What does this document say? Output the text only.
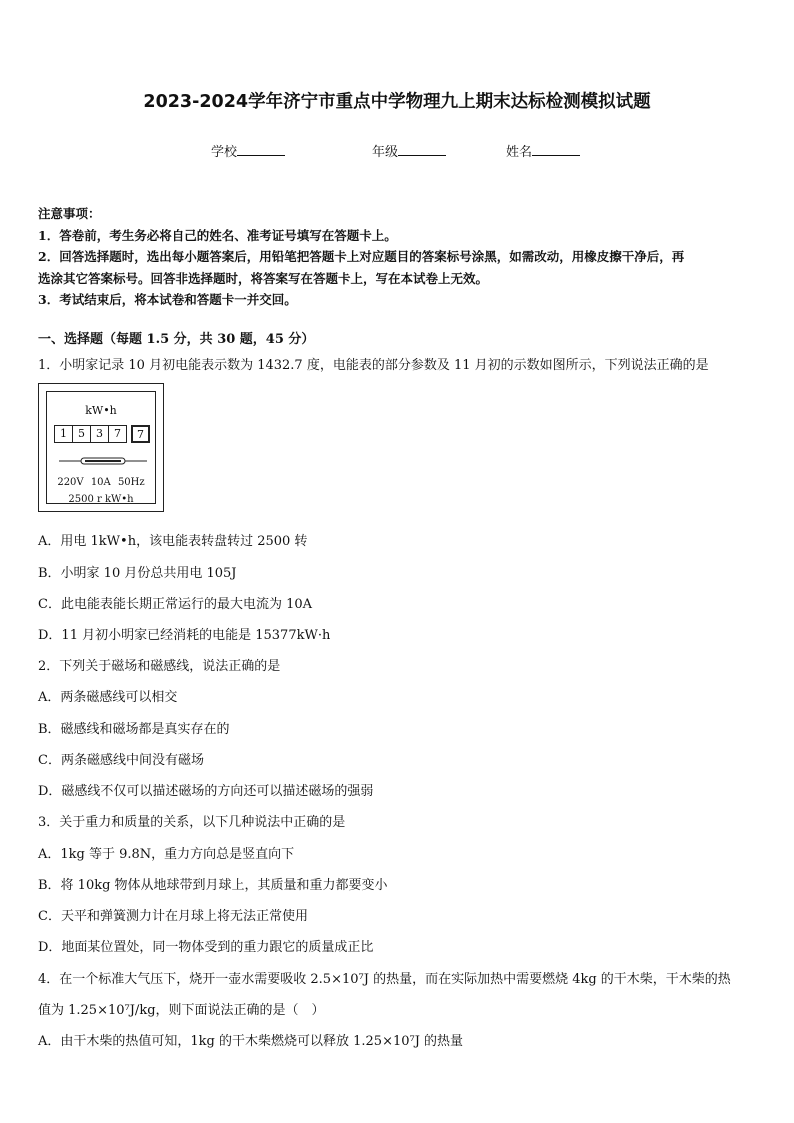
2023-2024学年济宁市重点中学物理九上期末达标检测模拟试题
学校	年级	姓名
注意事项：
1．答卷前，考生务必将自己的姓名、准考证号填写在答题卡上。
2．回答选择题时，选出每小题答案后，用铅笔把答题卡上对应题目的答案标号涂黑，如需改动，用橡皮擦干净后，再
选涂其它答案标号。回答非选择题时，将答案写在答题卡上，写在本试卷上无效。
3．考试结束后，将本试卷和答题卡一并交回。
一、选择题（每题 1.5 分，共 30 题，45 分）
1．小明家记录 10 月初电能表示数为 1432.7 度，电能表的部分参数及 11 月初的示数如图所示，下列说法正确的是
kW•h
1	5	3	7	7
220V 10A 50Hz
2500 r kW•h
A．用电 1kW•h，该电能表转盘转过 2500 转
B．小明家 10 月份总共用电 105J
C．此电能表能长期正常运行的最大电流为 10A
D．11 月初小明家已经消耗的电能是 15377kW·h
2．下列关于磁场和磁感线，说法正确的是
A．两条磁感线可以相交
B．磁感线和磁场都是真实存在的
C．两条磁感线中间没有磁场
D．磁感线不仅可以描述磁场的方向还可以描述磁场的强弱
3．关于重力和质量的关系，以下几种说法中正确的是
A．1kg 等于 9.8N，重力方向总是竖直向下
B．将 10kg 物体从地球带到月球上，其质量和重力都要变小
C．天平和弹簧测力计在月球上将无法正常使用
D．地面某位置处，同一物体受到的重力跟它的质量成正比
4．在一个标准大气压下，烧开一壶水需要吸收 2.5×10⁷J 的热量，而在实际加热中需要燃烧 4kg 的干木柴，干木柴的热
值为 1.25×10⁷J/kg，则下面说法正确的是（　）
A．由干木柴的热值可知，1kg 的干木柴燃烧可以释放 1.25×10⁷J 的热量
